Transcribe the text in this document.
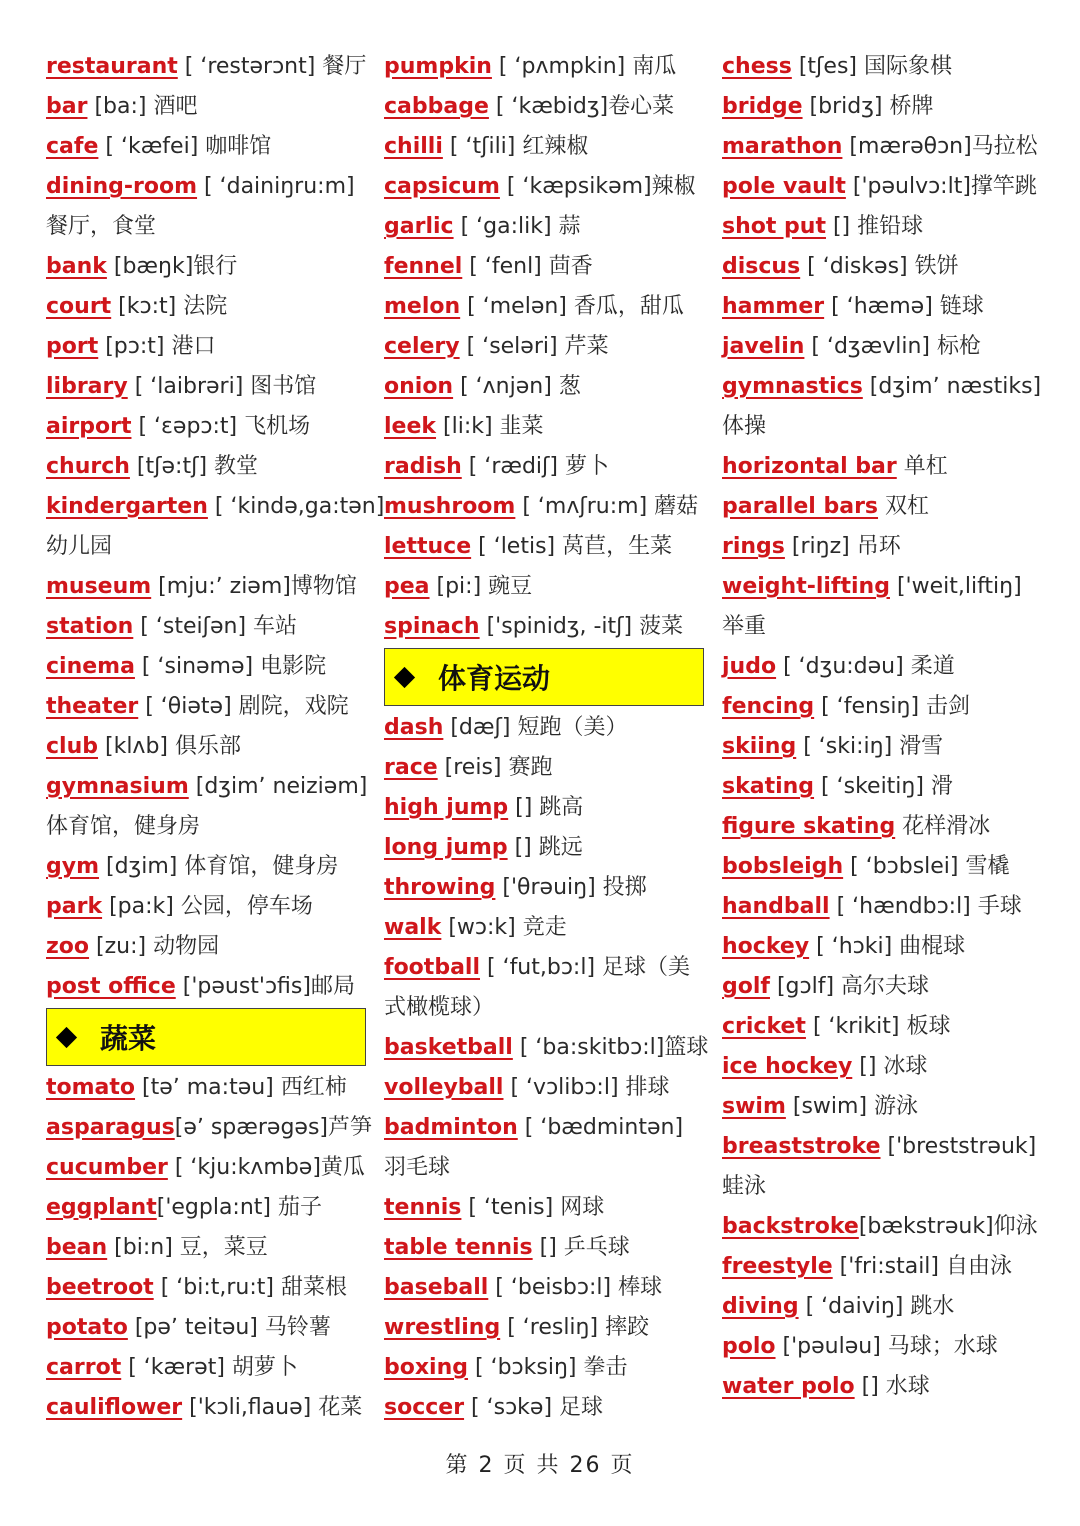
restaurant [ ʻrestərɔnt] 餐厅
bar [ba:] 酒吧
cafe [ ʻkæfei] 咖啡馆
dining-room [ ʻdainiŋru:m]
餐厅，食堂
bank [bæŋk]银行
court [kɔ:t] 法院
port [pɔ:t] 港口
library [ ʻlaibrəri] 图书馆
airport [ ʻɛəpɔ:t] 飞机场
church [tʃə:tʃ] 教堂
kindergarten [ ʻkində,ga:tən]
幼儿园
museum [mju:ʼ ziəm]博物馆
station [ ʻsteiʃən] 车站
cinema [ ʻsinəmə] 电影院
theater [ ʻθiətə] 剧院，戏院
club [klʌb] 俱乐部
gymnasium [dʒimʼ neiziəm]
体育馆，健身房
gym [dʒim] 体育馆，健身房
park [pa:k] 公园，停车场
zoo [zu:] 动物园
post office ['pəust'ɔfis]邮局
蔬菜
tomato [təʼ ma:təu] 西红柿
asparagus[əʼ spærəgəs]芦笋
cucumber [ ʻkju:kʌmbə]黄瓜
eggplant['egpla:nt] 茄子
bean [bi:n] 豆，菜豆
beetroot [ ʻbi:t,ru:t] 甜菜根
potato [pəʼ teitəu] 马铃薯
carrot [ ʻkærət] 胡萝卜
cauliflower ['kɔli,flauə] 花菜
pumpkin [ ʻpʌmpkin] 南瓜
cabbage [ ʻkæbidʒ]卷心菜
chilli [ ʻtʃili] 红辣椒
capsicum [ ʻkæpsikəm]辣椒
garlic [ ʻga:lik] 蒜
fennel [ ʻfenl] 茴香
melon [ ʻmelən] 香瓜，甜瓜
celery [ ʻseləri] 芹菜
onion [ ʻʌnjən] 葱
leek [li:k] 韭菜
radish [ ʻrædiʃ] 萝卜
mushroom [ ʻmʌʃru:m] 蘑菇
lettuce [ ʻletis] 莴苣，生菜
pea [pi:] 豌豆
spinach ['spinidʒ, -itʃ] 菠菜
体育运动
dash [dæʃ] 短跑（美）
race [reis] 赛跑
high jump [] 跳高
long jump [] 跳远
throwing ['θrəuiŋ] 投掷
walk [wɔ:k] 竞走
football [ ʻfut,bɔ:l] 足球（美
式橄榄球）
basketball [ ʻba:skitbɔ:l]篮球
volleyball [ ʻvɔlibɔ:l] 排球
badminton [ ʻbædmintən]
羽毛球
tennis [ ʻtenis] 网球
table tennis [] 乒乓球
baseball [ ʻbeisbɔ:l] 棒球
wrestling [ ʻresliŋ] 摔跤
boxing [ ʻbɔksiŋ] 拳击
soccer [ ʻsɔkə] 足球
chess [tʃes] 国际象棋
bridge [bridʒ] 桥牌
marathon [mærəθɔn]马拉松
pole vault ['pəulvɔ:lt]撑竿跳
shot put [] 推铅球
discus [ ʻdiskəs] 铁饼
hammer [ ʻhæmə] 链球
javelin [ ʻdʒævlin] 标枪
gymnastics [dʒimʼ næstiks]
体操
horizontal bar 单杠
parallel bars 双杠
rings [riŋz] 吊环
weight-lifting ['weit,liftiŋ]
举重
judo [ ʻdʒu:dəu] 柔道
fencing [ ʻfensiŋ] 击剑
skiing [ ʻski:iŋ] 滑雪
skating [ ʻskeitiŋ] 滑
figure skating 花样滑冰
bobsleigh [ ʻbɔbslei] 雪橇
handball [ ʻhændbɔ:l] 手球
hockey [ ʻhɔki] 曲棍球
golf [gɔlf] 高尔夫球
cricket [ ʻkrikit] 板球
ice hockey [] 冰球
swim [swim] 游泳
breaststroke ['breststrəuk]
蛙泳
backstroke[bækstrəuk]仰泳
freestyle ['fri:stail] 自由泳
diving [ ʻdaiviŋ] 跳水
polo ['pəuləu] 马球；水球
water polo [] 水球
第 2 页 共 26 页
